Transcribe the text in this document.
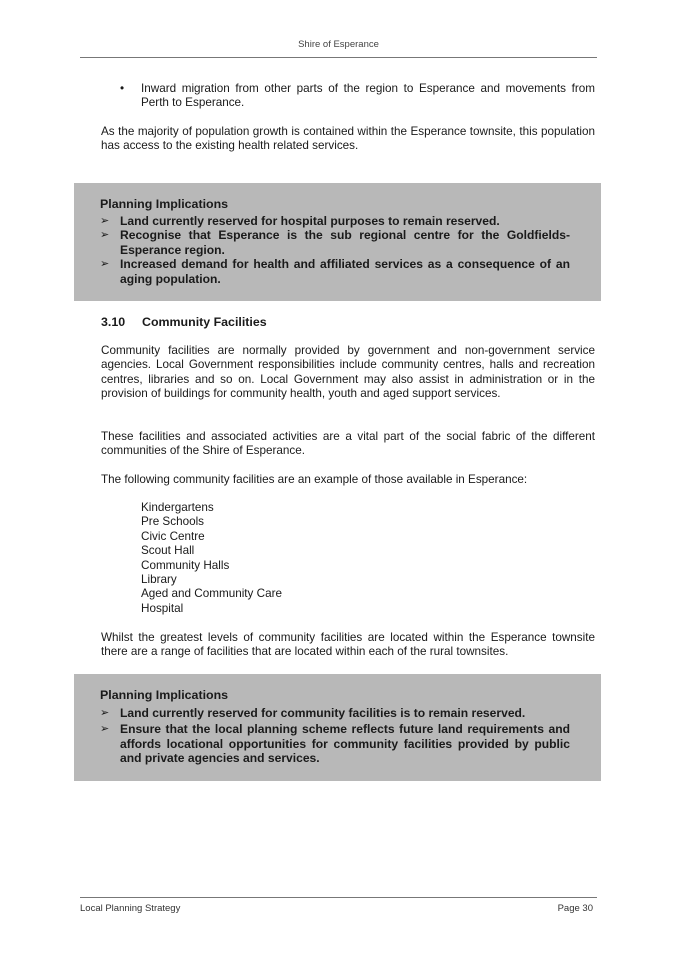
Shire of Esperance
• Inward migration from other parts of the region to Esperance and movements from Perth to Esperance.
As the majority of population growth is contained within the Esperance townsite, this population has access to the existing health related services.
Planning Implications
➢ Land currently reserved for hospital purposes to remain reserved.
➢ Recognise that Esperance is the sub regional centre for the Goldfields-Esperance region.
➢ Increased demand for health and affiliated services as a consequence of an aging population.
3.10 Community Facilities
Community facilities are normally provided by government and non-government service agencies. Local Government responsibilities include community centres, halls and recreation centres, libraries and so on. Local Government may also assist in administration or in the provision of buildings for community health, youth and aged support services.
These facilities and associated activities are a vital part of the social fabric of the different communities of the Shire of Esperance.
The following community facilities are an example of those available in Esperance:
Kindergartens
Pre Schools
Civic Centre
Scout Hall
Community Halls
Library
Aged and Community Care
Hospital
Whilst the greatest levels of community facilities are located within the Esperance townsite there are a range of facilities that are located within each of the rural townsites.
Planning Implications
➢ Land currently reserved for community facilities is to remain reserved.
➢ Ensure that the local planning scheme reflects future land requirements and affords locational opportunities for community facilities provided by public and private agencies and services.
Local Planning Strategy	Page 30
